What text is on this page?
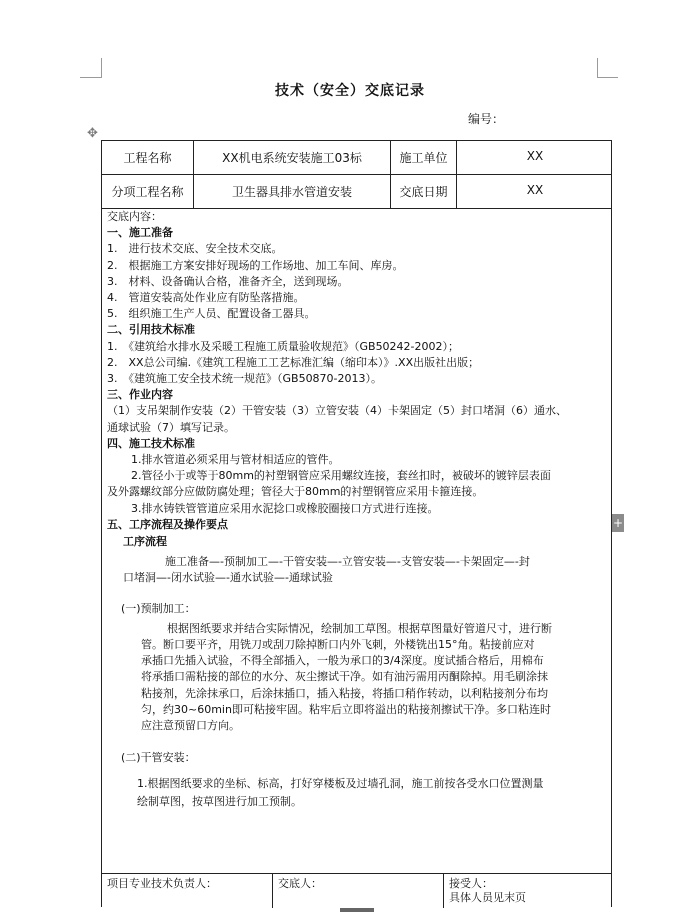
技术（安全）交底记录
编号：
✥
+
工程名称	XX机电系统安装施工03标	施工单位	XX
分项工程名称	卫生器具排水管道安装	交底日期	XX

交底内容：

一、施工准备

1.　进行技术交底、安全技术交底。

2.　根据施工方案安排好现场的工作场地、加工车间、库房。

3.　材料、设备确认合格，准备齐全，送到现场。

4.　管道安装高处作业应有防坠落措施。

5.　组织施工生产人员、配置设备工器具。

二、引用技术标准

1.　《建筑给水排水及采暖工程施工质量验收规范》（GB50242-2002）；

2.　XX总公司编.《建筑工程施工工艺标准汇编（缩印本）》.XX出版社出版；

3.　《建筑施工安全技术统一规范》（GB50870-2013）。

三、作业内容

（1）支吊架制作安装（2）干管安装（3）立管安装（4）卡架固定（5）封口堵洞（6）通水、

通球试验（7）填写记录。

四、施工技术标准

1.排水管道必须采用与管材相适应的管件。

2.管径小于或等于80mm的衬塑钢管应采用螺纹连接，套丝扣时，被破坏的镀锌层表面

及外露螺纹部分应做防腐处理；管径大于80mm的衬塑钢管应采用卡箍连接。

3.排水铸铁管管道应采用水泥捻口或橡胶圈接口方式进行连接。

五、工序流程及操作要点

工序流程

施工准备—-预制加工—-干管安装—-立管安装—-支管安装—-卡架固定—-封

口堵洞—-闭水试验—-通水试验—-通球试验

(一)预制加工：

根据图纸要求并结合实际情况，绘制加工草图。根据草图量好管道尺寸，进行断

管。断口要平齐，用铣刀或刮刀除掉断口内外飞刺，外楼铣出15°角。粘接前应对

承插口先插入试验，不得全部插入，一般为承口的3/4深度。度试插合格后，用棉布

将承插口需粘接的部位的水分、灰尘擦试干净。如有油污需用丙酮除掉。用毛刷涂抹

粘接剂，先涂抹承口，后涂抹插口，插入粘接，将插口稍作转动，以利粘接剂分布均

匀，约30~60min即可粘接牢固。粘牢后立即将溢出的粘接剂擦试干净。多口粘连时

应注意预留口方向。

(二)干管安装：

1.根据图纸要求的坐标、标高，打好穿楼板及过墙孔洞，施工前按各受水口位置测量

绘制草图，按草图进行加工预制。

项目专业技术负责人：	交底人：	接受人：
具体人员见末页
